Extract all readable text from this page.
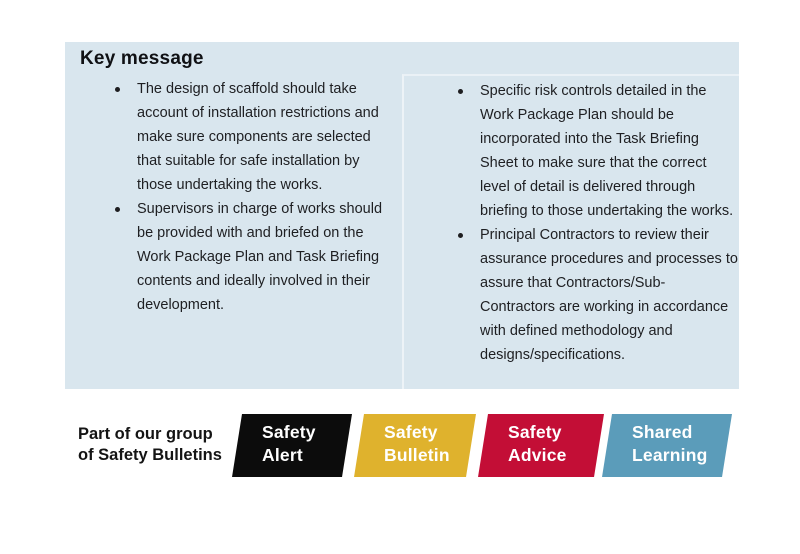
Key message
The design of scaffold should take account of installation restrictions and make sure components are selected that suitable for safe installation by those undertaking the works.
Supervisors in charge of works should be provided with and briefed on the Work Package Plan and Task Briefing contents and ideally involved in their development.
Specific risk controls detailed in the Work Package Plan should be incorporated into the Task Briefing Sheet to make sure that the correct level of detail is delivered through briefing to those undertaking the works.
Principal Contractors to review their assurance procedures and processes to assure that Contractors/Sub-Contractors are working in accordance with defined methodology and designs/specifications.
Part of our group
of Safety Bulletins
Safety
Alert
Safety
Bulletin
Safety
Advice
Shared
Learning
